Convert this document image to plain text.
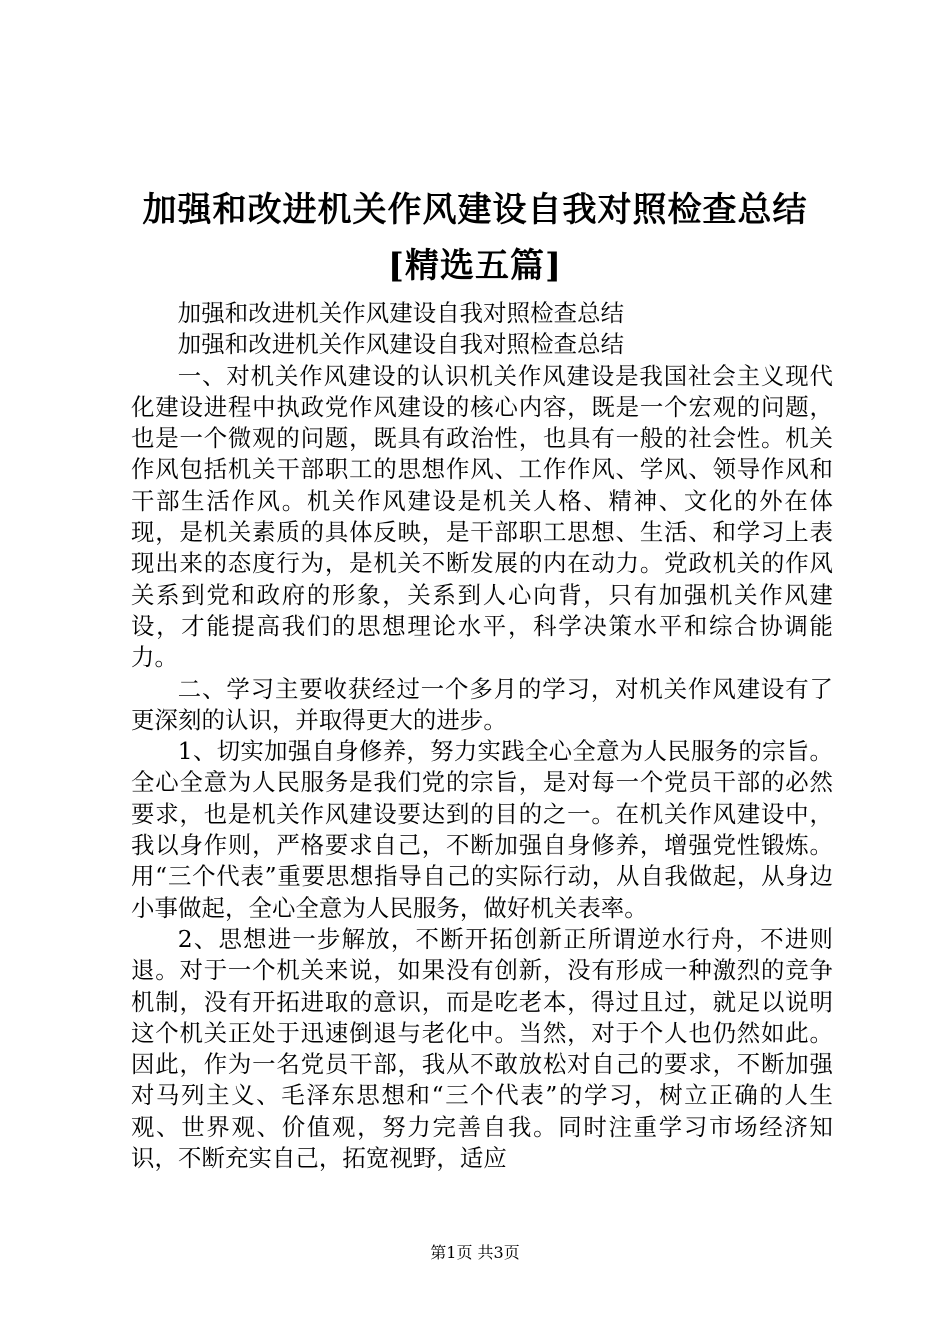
加强和改进机关作风建设自我对照检查总结
[精选五篇]

加强和改进机关作风建设自我对照检查总结

加强和改进机关作风建设自我对照检查总结

一、对机关作风建设的认识机关作风建设是我国社会主义现代化建设进程中执政党作风建设的核心内容，既是一个宏观的问题，也是一个微观的问题，既具有政治性，也具有一般的社会性。机关作风包括机关干部职工的思想作风、工作作风、学风、领导作风和干部生活作风。机关作风建设是机关人格、精神、文化的外在体现，是机关素质的具体反映，是干部职工思想、生活、和学习上表现出来的态度行为，是机关不断发展的内在动力。党政机关的作风关系到党和政府的形象，关系到人心向背，只有加强机关作风建设，才能提高我们的思想理论水平，科学决策水平和综合协调能力。

二、学习主要收获经过一个多月的学习，对机关作风建设有了更深刻的认识，并取得更大的进步。

1、切实加强自身修养，努力实践全心全意为人民服务的宗旨。全心全意为人民服务是我们党的宗旨，是对每一个党员干部的必然要求，也是机关作风建设要达到的目的之一。在机关作风建设中，我以身作则，严格要求自己，不断加强自身修养，增强党性锻炼。用“三个代表”重要思想指导自己的实际行动，从自我做起，从身边小事做起，全心全意为人民服务，做好机关表率。

2、思想进一步解放，不断开拓创新正所谓逆水行舟，不进则退。对于一个机关来说，如果没有创新，没有形成一种激烈的竞争机制，没有开拓进取的意识，而是吃老本，得过且过，就足以说明这个机关正处于迅速倒退与老化中。当然，对于个人也仍然如此。因此，作为一名党员干部，我从不敢放松对自己的要求，不断加强对马列主义、毛泽东思想和“三个代表”的学习，树立正确的人生观、世界观、价值观，努力完善自我。同时注重学习市场经济知识，不断充实自己，拓宽视野，适应

第1页 共3页
